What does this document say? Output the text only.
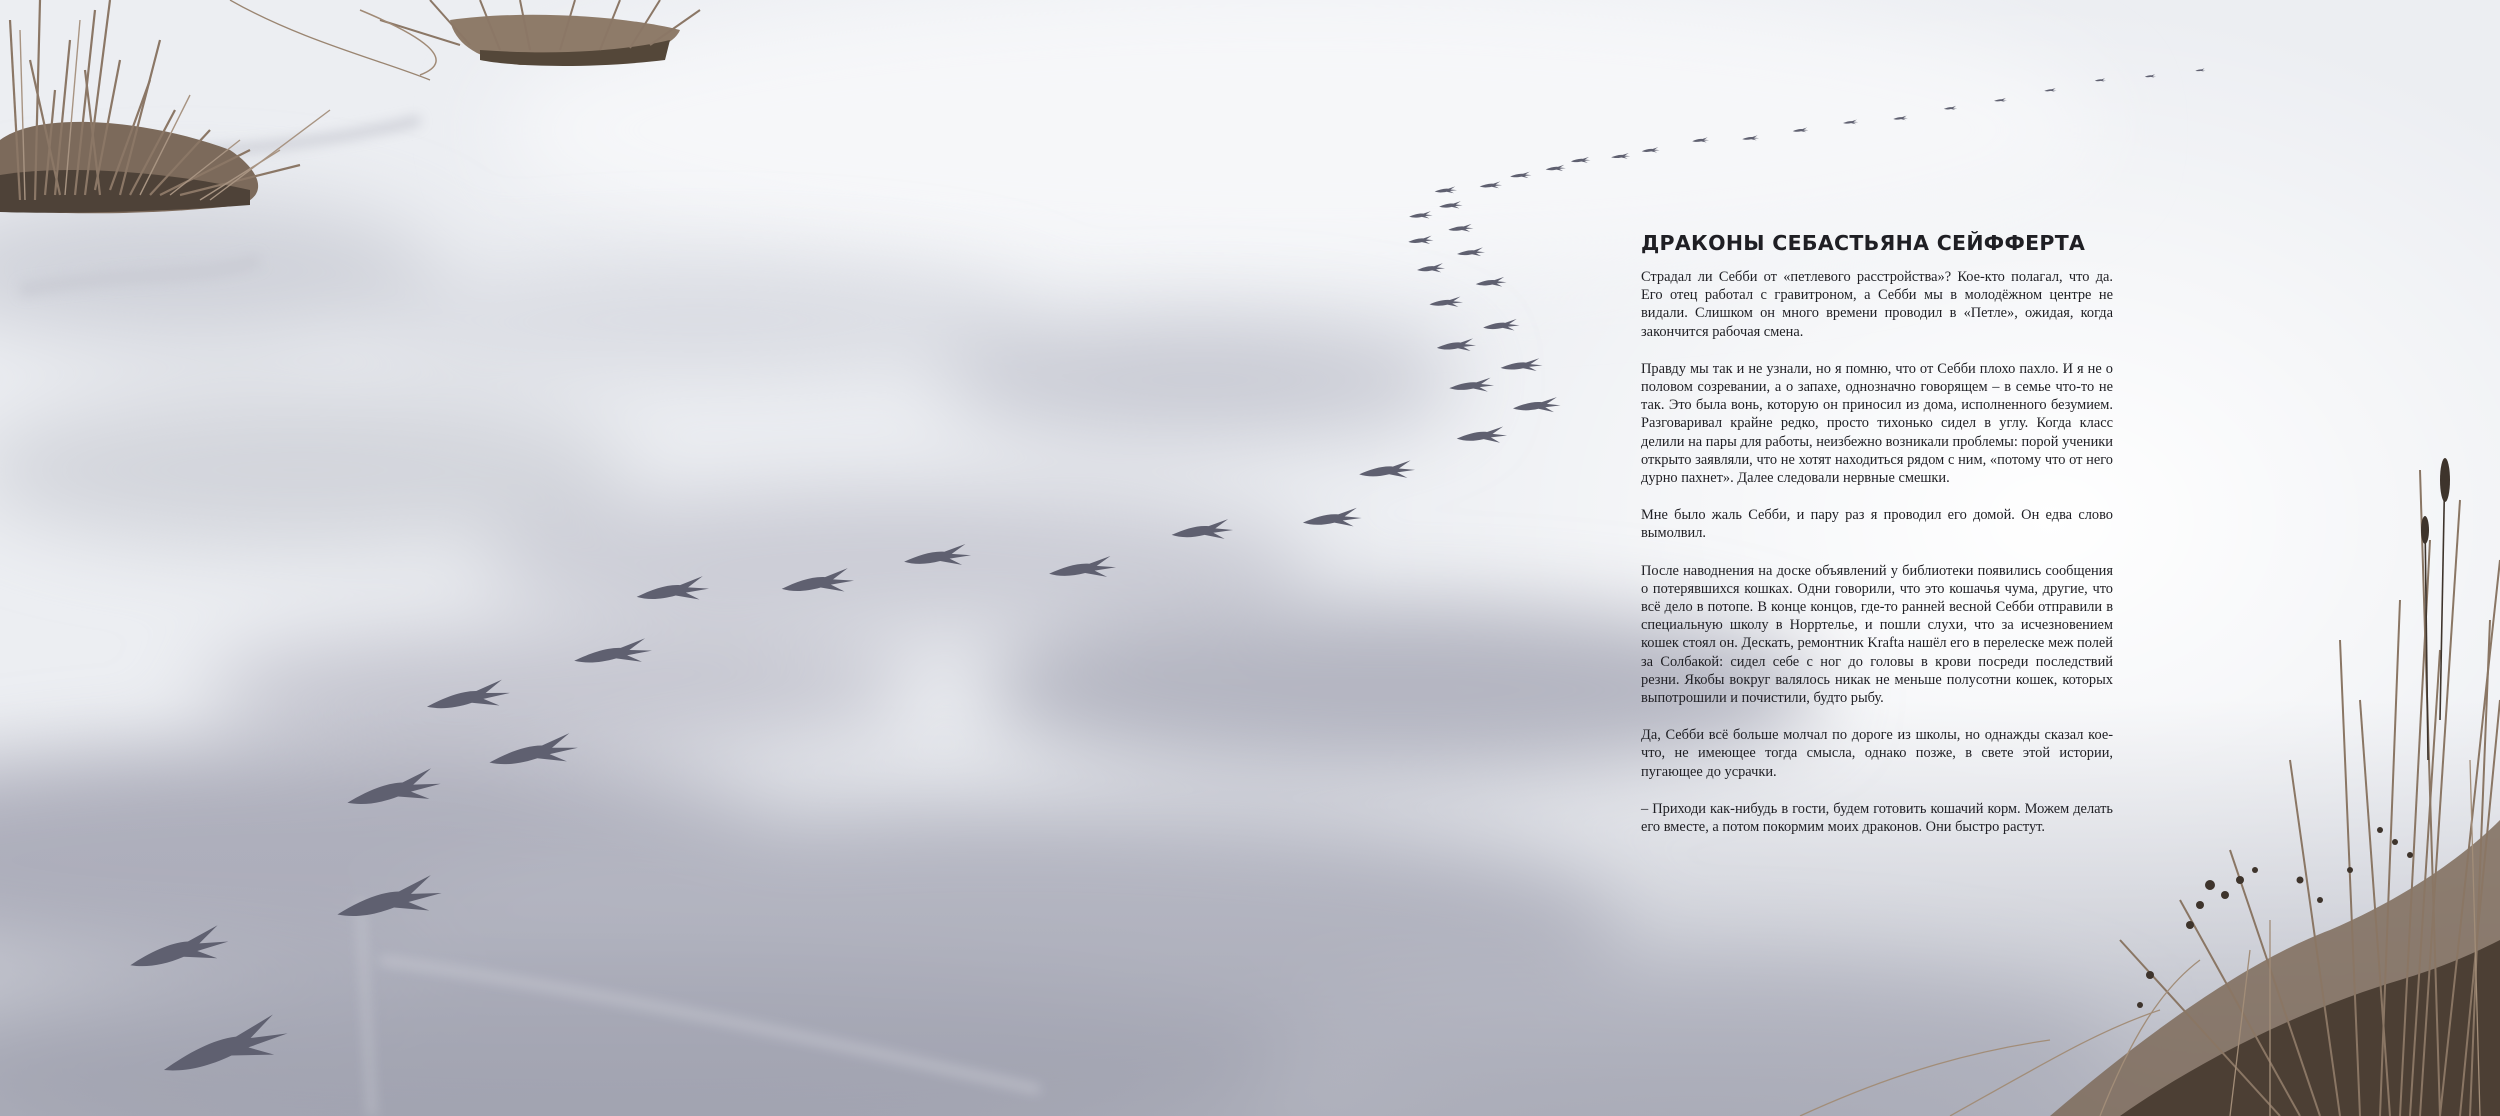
ДРАКОНЫ СЕБАСТЬЯНА СЕЙФФЕРТА

Страдал ли Себби от «петлевого расстройства»? Кое-кто полагал, что да. Его отец работал с гравитроном, а Себби мы в молодёжном центре не видали. Слишком он много времени проводил в «Петле», ожидая, когда закончится рабочая смена.

Правду мы так и не узнали, но я помню, что от Себби плохо пахло. И я не о половом созревании, а о запахе, однозначно говорящем – в семье что-то не так. Это была вонь, которую он приносил из дома, исполненного безумием. Разговаривал крайне редко, просто тихонько сидел в углу. Когда класс делили на пары для работы, неизбежно возникали проблемы: порой ученики открыто заявляли, что не хотят находиться рядом с ним, «потому что от него дурно пахнет». Далее следовали нервные смешки.

Мне было жаль Себби, и пару раз я проводил его домой. Он едва слово вымолвил.

После наводнения на доске объявлений у библиотеки появились сообщения о потерявшихся кошках. Одни говорили, что это кошачья чума, другие, что всё дело в потопе. В конце концов, где-то ранней весной Себби отправили в специальную школу в Норртелье, и пошли слухи, что за исчезновением кошек стоял он. Дескать, ремонтник Krafta нашёл его в перелеске меж полей за Солбакой: сидел себе с ног до головы в крови посреди последствий резни. Якобы вокруг валялось никак не меньше полусотни кошек, которых выпотрошили и почистили, будто рыбу.

Да, Себби всё больше молчал по дороге из школы, но однажды сказал кое-что, не имеющее тогда смысла, однако позже, в свете этой истории, пугающее до усрачки.

– Приходи как-нибудь в гости, будем готовить кошачий корм. Можем делать его вместе, а потом покормим моих драконов. Они быстро растут.
